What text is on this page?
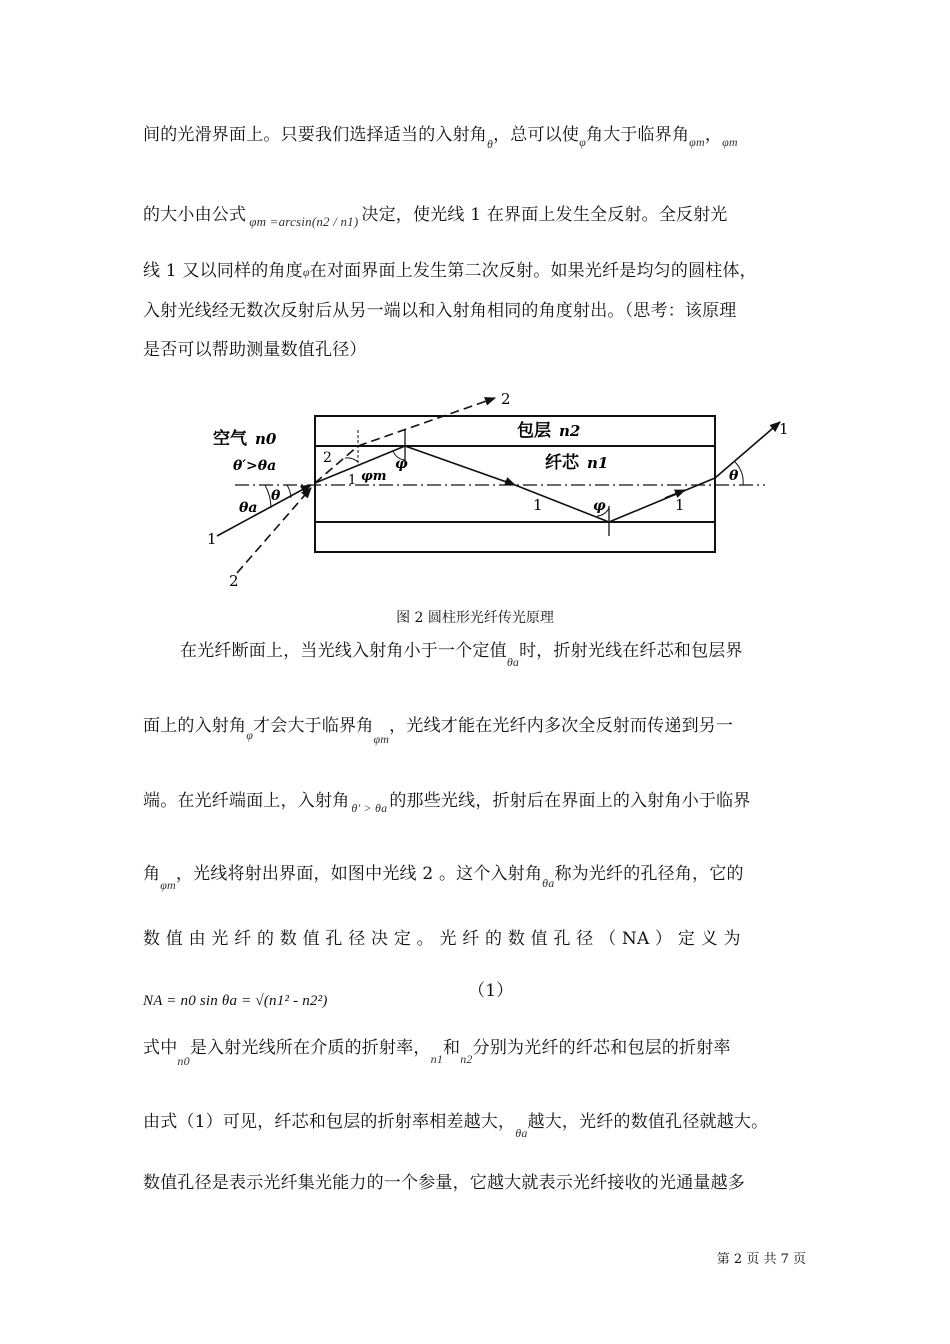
间的光滑界面上。只要我们选择适当的入射角$_\theta$，总可以使$_\varphi$角大于临界角$_{\varphi m}$，$_{\varphi m}$
的大小由公式 $_{\varphi m =arcsin(n2 / n1)}$ 决定，使光线 1 在界面上发生全反射。全反射光
线 1 又以同样的角度φ在对面界面上发生第二次反射。如果光纤是均匀的圆柱体，
入射光线经无数次反射后从另一端以和入射角相同的角度射出。（思考：该原理
是否可以帮助测量数值孔径）
空气 n0	包层 n2
纤芯 n1
θ′>θa
θa
θ
φm
φ
φ
θ
1
1
1	1
1
2
2
2
图 2 圆柱形光纤传光原理
在光纤断面上，当光线入射角小于一个定值$_{\theta a}$时，折射光线在纤芯和包层界
面上的入射角$_\varphi$才会大于临界角$_{\varphi m}$，光线才能在光纤内多次全反射而传递到另一
端。在光纤端面上，入射角 $_{\theta' > \theta a}$ 的那些光线，折射后在界面上的入射角小于临界
角$_{\varphi m}$，光线将射出界面，如图中光线 2 。这个入射角$_{\theta a}$称为光纤的孔径角，它的
数 值 由 光 纤 的 数 值 孔 径 决 定 。 光 纤 的 数 值 孔 径 （ NA ） 定 义 为
NA = n0 sin θa = √(n1² - n2²)	（1）
式中$_{n0}$是入射光线所在介质的折射率，$_{n1}$和$_{n2}$分别为光纤的纤芯和包层的折射率
由式（1）可见，纤芯和包层的折射率相差越大，$_{\theta a}$越大，光纤的数值孔径就越大。
数值孔径是表示光纤集光能力的一个参量，它越大就表示光纤接收的光通量越多
第 2 页 共 7 页
